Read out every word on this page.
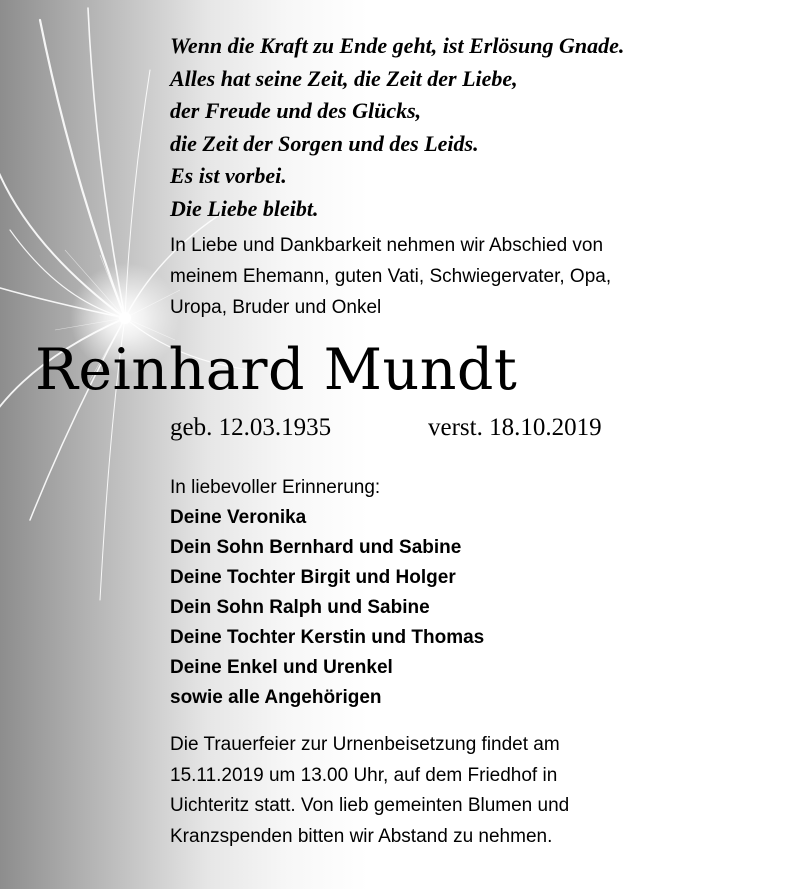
Wenn die Kraft zu Ende geht, ist Erlösung Gnade.
Alles hat seine Zeit, die Zeit der Liebe,
der Freude und des Glücks,
die Zeit der Sorgen und des Leids.
Es ist vorbei.
Die Liebe bleibt.
In Liebe und Dankbarkeit nehmen wir Abschied von
meinem Ehemann, guten Vati, Schwiegervater, Opa,
Uropa, Bruder und Onkel
Reinhard Mundt
geb. 12.03.1935	verst. 18.10.2019
In liebevoller Erinnerung:
Deine Veronika
Dein Sohn Bernhard und Sabine
Deine Tochter Birgit und Holger
Dein Sohn Ralph und Sabine
Deine Tochter Kerstin und Thomas
Deine Enkel und Urenkel
sowie alle Angehörigen
Die Trauerfeier zur Urnenbeisetzung findet am
15.11.2019 um 13.00 Uhr, auf dem Friedhof in
Uichteritz statt. Von lieb gemeinten Blumen und
Kranzspenden bitten wir Abstand zu nehmen.
